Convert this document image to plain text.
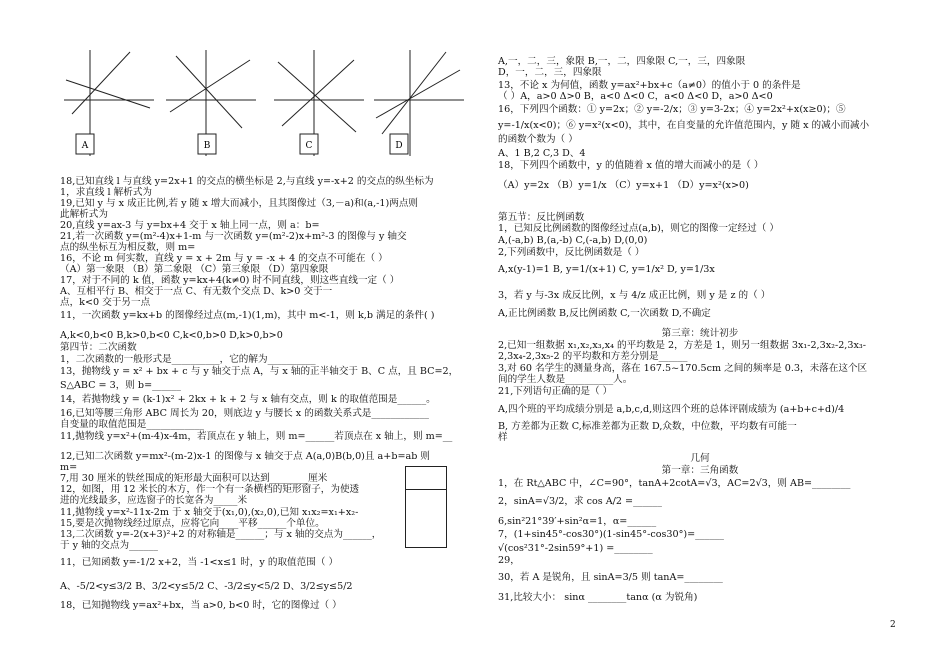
A	B	C	D
18,已知直线 l 与直线 y=2x+1 的交点的横坐标是 2,与直线 y=-x+2 的交点的纵坐标为
1，求直线 l 解析式为
19,已知 y 与 x 成正比例,若 y 随 x 增大而减小，且其图像过（3,－a)和(a,-1)两点则
此解析式为
20,直线 y=ax-3 与 y=bx+4 交于 x 轴上同一点，则 a：b=
21,若一次函数 y=(m²-4)x+1-m 与一次函数 y=(m²-2)x+m²-3 的图像与 y 轴交
点的纵坐标互为相反数，则 m=
16，不论 m 何实数，直线 y = x + 2m 与 y = -x + 4 的交点不可能在（ ）
（A）第一象限 （B）第二象限 （C）第三象限 （D）第四象限
17，对于不同的 k 值，函数 y=kx+4(k≠0) 时不同直线，则这些直线一定（ ）
A、互相平行 B、相交于一点 C、有无数个交点 D、k>0 交于一
点，k<0 交于另一点
11，一次函数 y=kx+b 的图像经过点(m,-1)(1,m)，其中 m<-1，则 k,b 满足的条件( )
A,k<0,b<0 B,k>0,b<0 C,k<0,b>0 D,k>0,b>0
第四节：二次函数
1，二次函数的一般形式是__________，它的解为__________
13，抛物线 y = x² + bx + c 与 y 轴交于点 A，与 x 轴的正半轴交于 B、C 点，且 BC=2，
S△ABC = 3，则 b=______
14，若抛物线 y = (k-1)x² + 2kx + k + 2 与 x 轴有交点，则 k 的取值范围是______。
16,已知等腰三角形 ABC 周长为 20，则底边 y 与腰长 x 的函数关系式是____________
自变量的取值范围是____________
11,抛物线 y=x²+(m-4)x-4m，若顶点在 y 轴上，则 m=______若顶点在 x 轴上，则 m=__
12,已知二次函数 y=mx²-(m-2)x-1 的图像与 x 轴交于点 A(a,0)B(b,0)且 a+b=ab 则
m=
7,用 30 厘米的铁丝围成的矩形最大面积可以达到________厘米
12，如图，用 12 米长的木方，作一个有一条横档的矩形窗子，为使透
进的光线最多，应选窗子的长宽各为_____米
11,抛物线 y=x²-11x-2m 于 x 轴交于(x₁,0),(x₂,0),已知 x₁x₂=x₁+x₂-
15,要是次抛物线经过原点，应将它向____平移______个单位。
13,二次函数 y=-2(x+3)²+2 的对称轴是______；与 x 轴的交点为______，
于 y 轴的交点为______
11，已知函数 y=-1/2 x+2，当 -1<x≤1 时，y 的取值范围（ ）
A、-5/2<y≤3/2 B、3/2<y≤5/2 C、-3/2≤y<5/2 D、3/2≤y≤5/2
18，已知抛物线 y=ax²+bx，当 a>0, b<0 时，它的图像过（ ）
A,一，二，三，象限 B,一，二，四象限 C,一，三，四象限
D，一，二，三，四象限
13，不论 x 为何值，函数 y=ax²+bx+c（a≠0）的值小于 0 的条件是
（ ）A，a>0 Δ>0 B，a<0 Δ<0 C，a<0 Δ<0 D，a>0 Δ<0
16，下列四个函数：① y=2x；② y=-2/x；③ y=3-2x；④ y=2x²+x(x≥0)；⑤
y=-1/x(x<0)；⑥ y=x²(x<0)，其中，在自变量的允许值范围内，y 随 x 的减小而减小
的函数个数为（ ）
A、1 B,2 C,3 D、4
18，下列四个函数中，y 的值随着 x 值的增大而减小的是（ ）
（A）y=2x （B）y=1/x （C）y=x+1 （D）y=x²(x>0)
第五节：反比例函数
1，已知反比例函数的图像经过点(a,b)，则它的图像一定经过（ ）
A,(-a,b) B,(a,-b) C,(-a,b) D,(0,0)
2,下列函数中，反比例函数是（ ）
A,x(y-1)=1 B, y=1/(x+1) C, y=1/x² D, y=1/3x
3，若 y 与-3x 成反比例，x 与 4/z 成正比例，则 y 是 z 的（ ）
A,正比例函数 B,反比例函数 C,一次函数 D,不确定
第三章：统计初步
2,已知一组数据 x₁,x₂,x₃,x₄ 的平均数是 2，方差是 1，则另一组数据 3x₁-2,3x₂-2,3x₃-
2,3x₄-2,3x₅-2 的平均数和方差分别是______
3,对 60 名学生的测量身高，落在 167.5~170.5cm 之间的频率是 0.3，未落在这个区
间的学生人数是__________人。
21,下列语句正确的是（ ）
A,四个班的平均成绩分别是 a,b,c,d,则这四个班的总体评剧成绩为 (a+b+c+d)/4
B, 方差都为正数 C,标准差都为正数 D,众数，中位数，平均数有可能一
样
几何
第一章：三角函数
1，在 Rt△ABC 中，∠C=90°，tanA+2cotA=√3，AC=2√3，则 AB=________
2，sinA=√3/2，求 cos A/2 =______
6,sin²21°39′+sin²α=1，α=______
7，(1+sin45°-cos30°)(1-sin45°-cos30°)=______
√(cos²31°-2sin59°+1) =________
29，
30，若 A 是锐角，且 sinA=3/5 则 tanA=________
31,比较大小： sinα ________tanα (α 为锐角)
2
